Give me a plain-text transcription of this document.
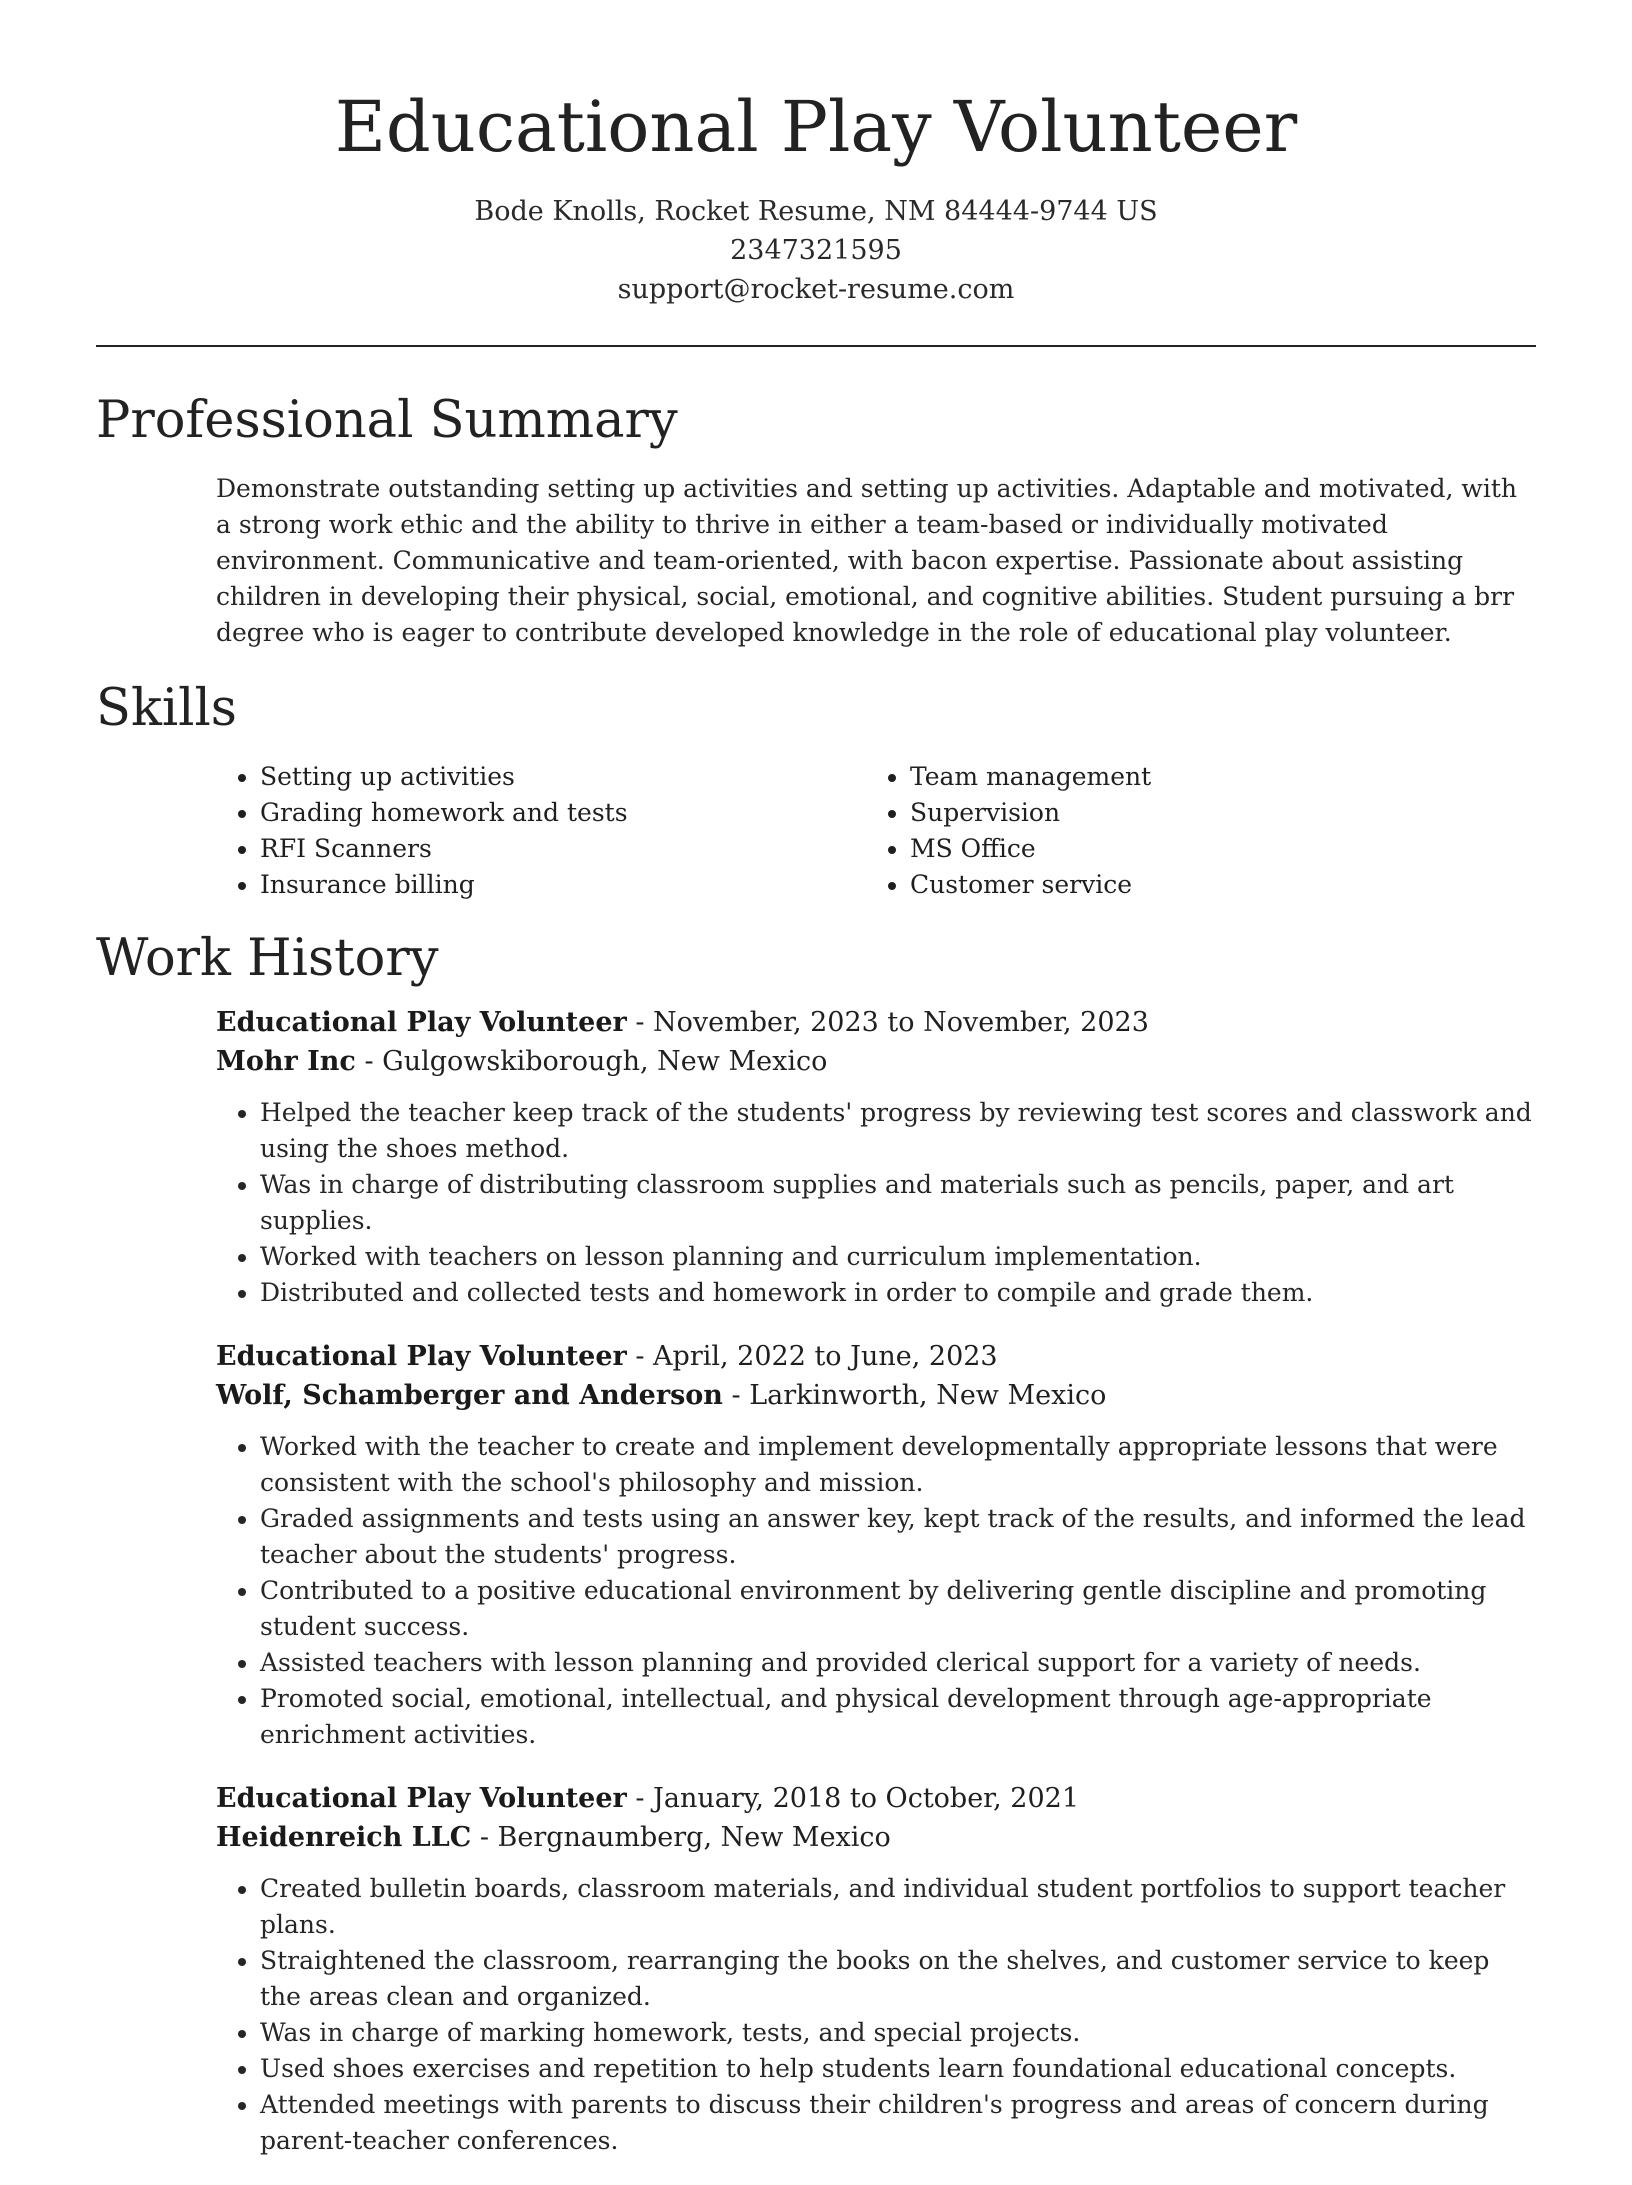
Educational Play Volunteer
Bode Knolls, Rocket Resume, NM 84444-9744 US
2347321595
support@rocket-resume.com
Professional Summary
Demonstrate outstanding setting up activities and setting up activities. Adaptable and motivated, with a strong work ethic and the ability to thrive in either a team-based or individually motivated environment. Communicative and team-oriented, with bacon expertise. Passionate about assisting children in developing their physical, social, emotional, and cognitive abilities. Student pursuing a brr degree who is eager to contribute developed knowledge in the role of educational play volunteer.
Skills
• Setting up activities
• Grading homework and tests
• RFI Scanners
• Insurance billing
• Team management
• Supervision
• MS Office
• Customer service
Work History
Educational Play Volunteer - November, 2023 to November, 2023
Mohr Inc - Gulgowskiborough, New Mexico
• Helped the teacher keep track of the students' progress by reviewing test scores and classwork and using the shoes method.
• Was in charge of distributing classroom supplies and materials such as pencils, paper, and art supplies.
• Worked with teachers on lesson planning and curriculum implementation.
• Distributed and collected tests and homework in order to compile and grade them.
Educational Play Volunteer - April, 2022 to June, 2023
Wolf, Schamberger and Anderson - Larkinworth, New Mexico
• Worked with the teacher to create and implement developmentally appropriate lessons that were consistent with the school's philosophy and mission.
• Graded assignments and tests using an answer key, kept track of the results, and informed the lead teacher about the students' progress.
• Contributed to a positive educational environment by delivering gentle discipline and promoting student success.
• Assisted teachers with lesson planning and provided clerical support for a variety of needs.
• Promoted social, emotional, intellectual, and physical development through age-appropriate enrichment activities.
Educational Play Volunteer - January, 2018 to October, 2021
Heidenreich LLC - Bergnaumberg, New Mexico
• Created bulletin boards, classroom materials, and individual student portfolios to support teacher plans.
• Straightened the classroom, rearranging the books on the shelves, and customer service to keep the areas clean and organized.
• Was in charge of marking homework, tests, and special projects.
• Used shoes exercises and repetition to help students learn foundational educational concepts.
• Attended meetings with parents to discuss their children's progress and areas of concern during parent-teacher conferences.
